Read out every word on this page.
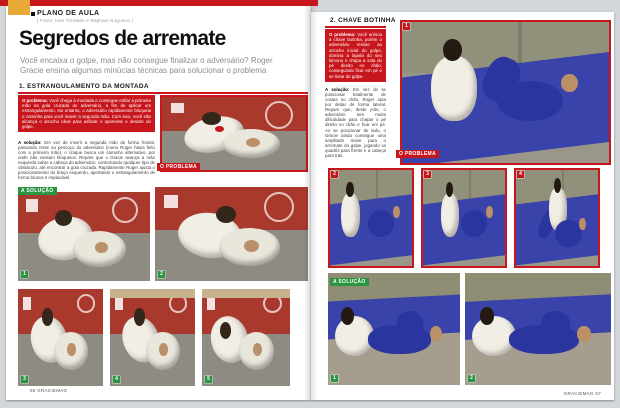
PLANO DE AULA
[ Fotos: Ivan Trindade e Raphael Nogueira ]
Segredos de arremate

Você encaixa o golpe, mas não consegue finalizar o adversário? Roger Gracie ensina algumas minúcias técnicas para solucionar o problema

1. ESTRANGULAMENTO DA MONTADA

O problema: Você chega à montada e consegue enfiar a primeira mão na gola cruzada do adversário, a fim de aplicar um estrangulamento. No entanto, o adversário rapidamente bloqueia o caminho para você inserir a segunda mão. Com isso, você não alcança o arrocho ideal para asfixiar o oponente e desiste do golpe.

A solução: Em vez de inserir a segunda mão de forma frontal, passando rente ao pescoço do adversário (como Roger havia feito com a primeira mão), o craque busca um caminho alternativo, por onde não existam bloqueios. Repare que o Gracie avança a mão esquerda sobre a cabeça do adversário, contornando qualquer tipo de obstáculo, até encontrar a gola cruzada. Rapidamente Roger ajusta o posicionamento do braço esquerdo, apertando o estrangulamento de forma brusca e implacável.

O PROBLEMA
A SOLUÇÃO
1	2
3	4	5
66 GRACIEMAG
2. CHAVE BOTINHA

O problema: Você arrisca a chave botinha, porém o adversário resiste ao arrocho inicial do golpe, domina a lapela do seu kimono e chapa a sola do pé direito no chão, conseguindo ficar em pé e se livrar do golpe.

A solução: Em vez de se posicionar totalmente de costas no chão, Roger opta por deitar de forma lateral. Repare que, deste jeito, o adversário tem muita dificuldade para chapar o pé direito no chão e ficar em pé. Ao se posicionar de lado, o Gracie ainda consegue uma amplitude maior para o arremate do golpe, jogando os quadris para frente e a cabeça para trás.

1
O PROBLEMA
2	3	4
A SOLUÇÃO
1	2
GRACIEMAG 67
